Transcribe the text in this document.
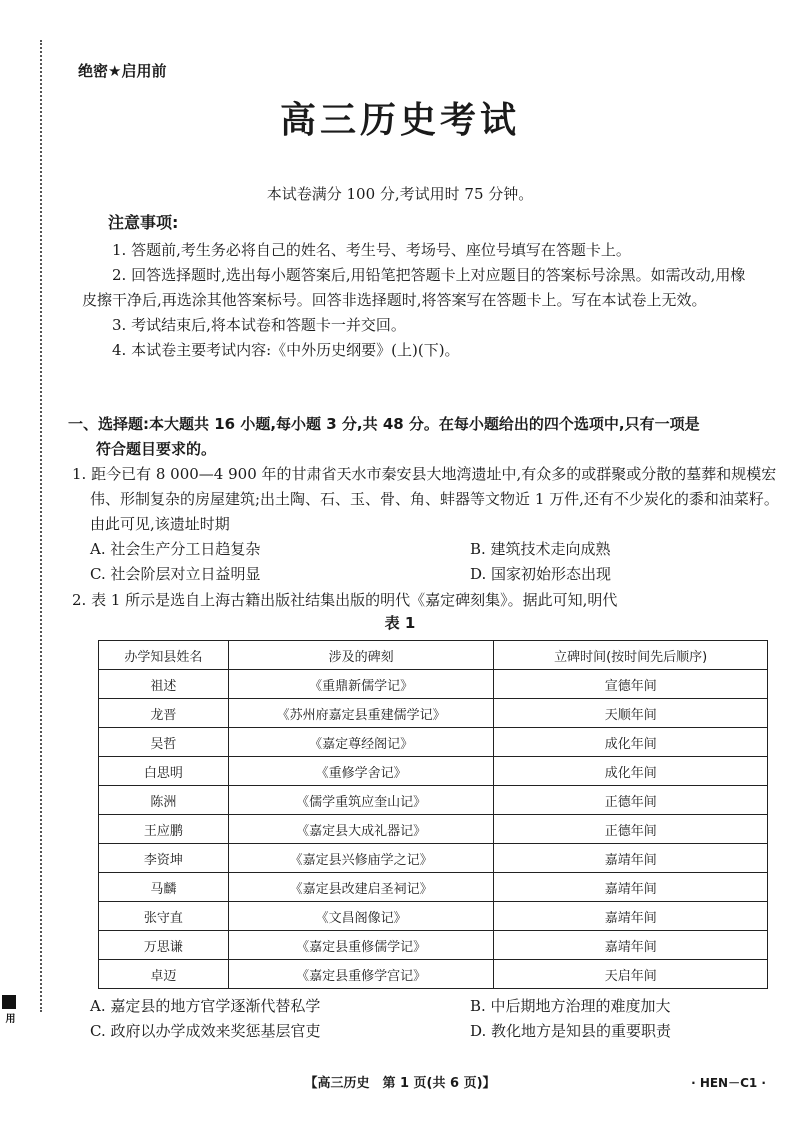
用
绝密★启用前
高三历史考试
本试卷满分 100 分,考试用时 75 分钟。
注意事项:

1. 答题前,考生务必将自己的姓名、考生号、考场号、座位号填写在答题卡上。

2. 回答选择题时,选出每小题答案后,用铅笔把答题卡上对应题目的答案标号涂黑。如需改动,用橡皮擦干净后,再选涂其他答案标号。回答非选择题时,将答案写在答题卡上。写在本试卷上无效。

3. 考试结束后,将本试卷和答题卡一并交回。

4. 本试卷主要考试内容:《中外历史纲要》(上)(下)。

一、选择题:本大题共 16 小题,每小题 3 分,共 48 分。在每小题给出的四个选项中,只有一项是
符合题目要求的。
1. 距今已有 8 000—4 900 年的甘肃省天水市秦安县大地湾遗址中,有众多的或群聚或分散的墓葬和规模宏伟、形制复杂的房屋建筑;出土陶、石、玉、骨、角、蚌器等文物近 1 万件,还有不少炭化的黍和油菜籽。由此可见,该遗址时期
A. 社会生产分工日趋复杂	B. 建筑技术走向成熟
C. 社会阶层对立日益明显	D. 国家初始形态出现
2. 表 1 所示是选自上海古籍出版社结集出版的明代《嘉定碑刻集》。据此可知,明代
表 1
办学知县姓名	涉及的碑刻	立碑时间(按时间先后顺序)
祖述	《重鼎新儒学记》	宣德年间
龙晋	《苏州府嘉定县重建儒学记》	天顺年间
吴哲	《嘉定尊经阁记》	成化年间
白思明	《重修学舍记》	成化年间
陈洲	《儒学重筑应奎山记》	正德年间
王应鹏	《嘉定县大成礼器记》	正德年间
李资坤	《嘉定县兴修庙学之记》	嘉靖年间
马麟	《嘉定县改建启圣祠记》	嘉靖年间
张守直	《文昌阁像记》	嘉靖年间
万思谦	《嘉定县重修儒学记》	嘉靖年间
卓迈	《嘉定县重修学宫记》	天启年间
A. 嘉定县的地方官学逐渐代替私学	B. 中后期地方治理的难度加大
C. 政府以办学成效来奖惩基层官吏	D. 教化地方是知县的重要职责
【高三历史　第 1 页(共 6 页)】	· HEN－C1 ·
